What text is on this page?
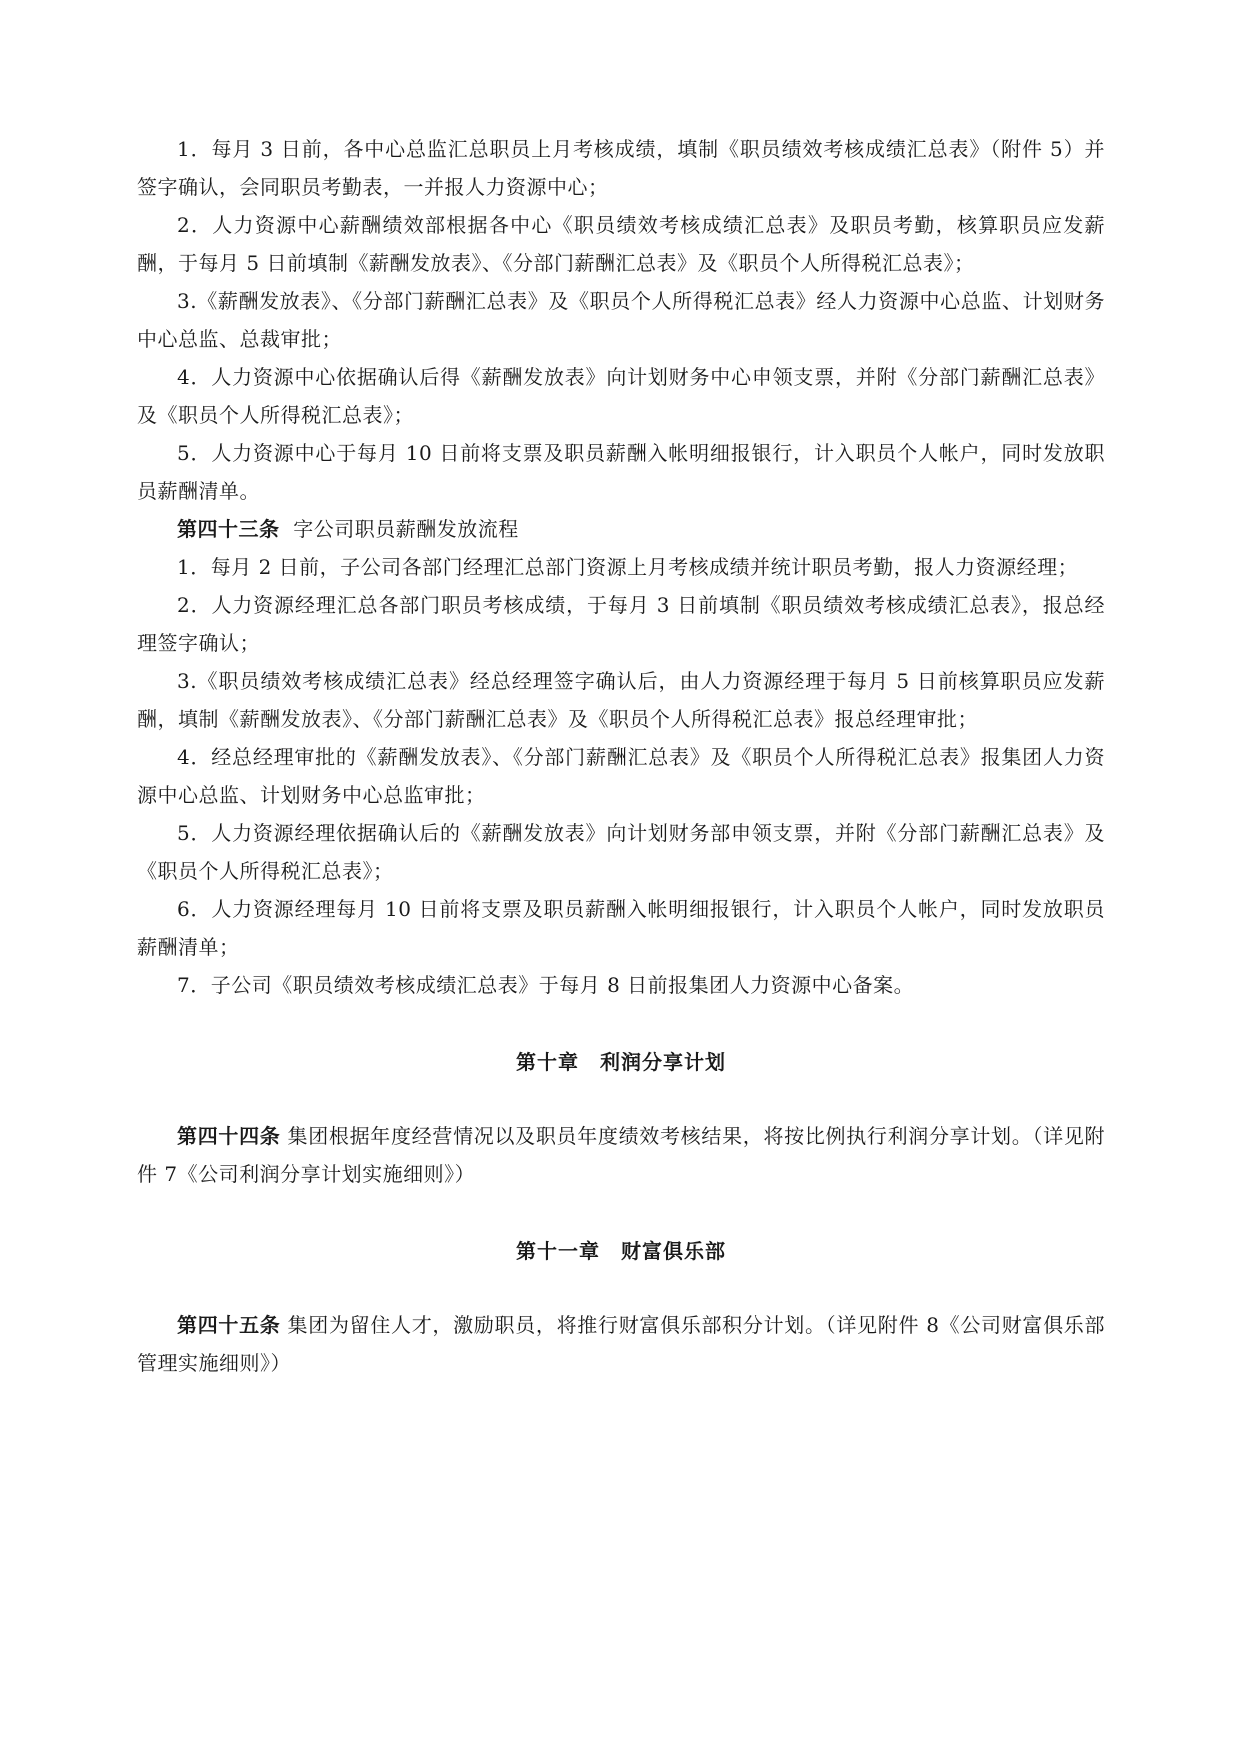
1．每月 3 日前，各中心总监汇总职员上月考核成绩，填制《职员绩效考核成绩汇总表》（附件 5）并签字确认，会同职员考勤表，一并报人力资源中心；

2．人力资源中心薪酬绩效部根据各中心《职员绩效考核成绩汇总表》及职员考勤，核算职员应发薪酬，于每月 5 日前填制《薪酬发放表》、《分部门薪酬汇总表》及《职员个人所得税汇总表》；

3.《薪酬发放表》、《分部门薪酬汇总表》及《职员个人所得税汇总表》经人力资源中心总监、计划财务中心总监、总裁审批；

4．人力资源中心依据确认后得《薪酬发放表》向计划财务中心申领支票，并附《分部门薪酬汇总表》及《职员个人所得税汇总表》；

5．人力资源中心于每月 10 日前将支票及职员薪酬入帐明细报银行，计入职员个人帐户，同时发放职员薪酬清单。

第四十三条 字公司职员薪酬发放流程

1．每月 2 日前，子公司各部门经理汇总部门资源上月考核成绩并统计职员考勤，报人力资源经理；

2．人力资源经理汇总各部门职员考核成绩，于每月 3 日前填制《职员绩效考核成绩汇总表》，报总经理签字确认；

3.《职员绩效考核成绩汇总表》经总经理签字确认后，由人力资源经理于每月 5 日前核算职员应发薪酬，填制《薪酬发放表》、《分部门薪酬汇总表》及《职员个人所得税汇总表》报总经理审批；

4．经总经理审批的《薪酬发放表》、《分部门薪酬汇总表》及《职员个人所得税汇总表》报集团人力资源中心总监、计划财务中心总监审批；

5．人力资源经理依据确认后的《薪酬发放表》向计划财务部申领支票，并附《分部门薪酬汇总表》及《职员个人所得税汇总表》；

6．人力资源经理每月 10 日前将支票及职员薪酬入帐明细报银行，计入职员个人帐户，同时发放职员薪酬清单；

7．子公司《职员绩效考核成绩汇总表》于每月 8 日前报集团人力资源中心备案。

第十章　利润分享计划

第四十四条 集团根据年度经营情况以及职员年度绩效考核结果，将按比例执行利润分享计划。（详见附件 7《公司利润分享计划实施细则》）

第十一章　财富俱乐部

第四十五条 集团为留住人才，激励职员，将推行财富俱乐部积分计划。（详见附件 8《公司财富俱乐部管理实施细则》）
